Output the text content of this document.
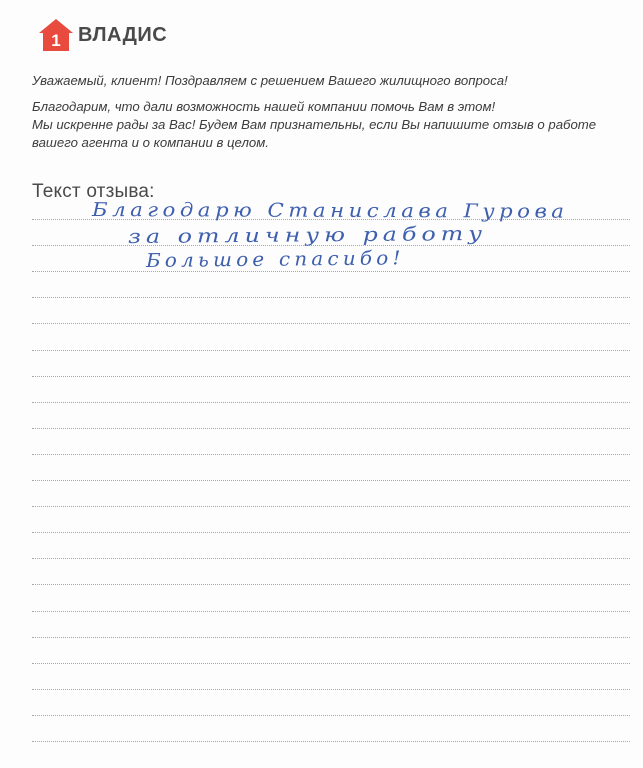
1 ВЛАДИС

Уважаемый, клиент! Поздравляем с решением Вашего жилищного вопроса!

Благодарим, что дали возможность нашей компании помочь Вам в этом!
Мы искренне рады за Вас! Будем Вам признательны, если Вы напишите отзыв о работе
вашего агента и о компании в целом.

Текст отзыва:
Благодарю Станислава Гурова
за отличную работу
Большое спасибо!
